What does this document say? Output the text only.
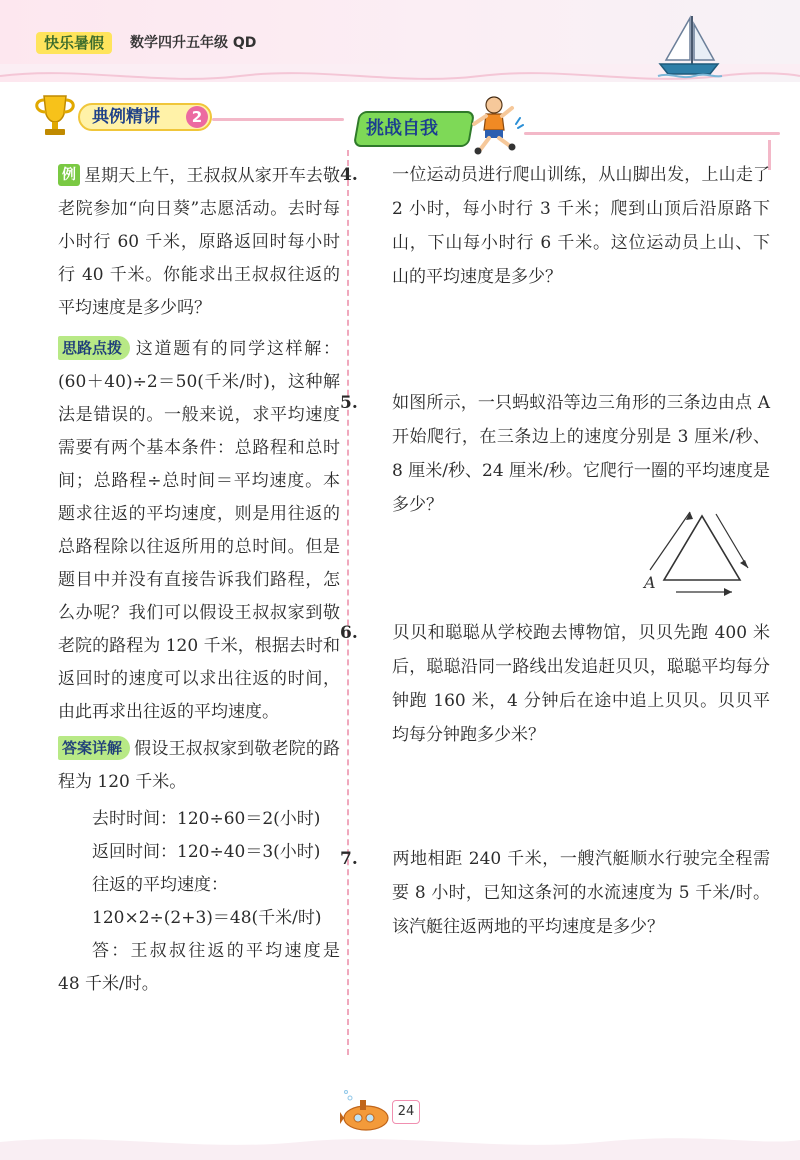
快乐暑假	数学四升五年级 QD
典例精讲	2
挑战自我

例 星期天上午，王叔叔从家开车去敬老院参加“向日葵”志愿活动。去时每小时行 60 千米，原路返回时每小时行 40 千米。你能求出王叔叔往返的平均速度是多少吗？

思路点拨 这道题有的同学这样解：(60＋40)÷2＝50(千米/时)，这种解法是错误的。一般来说，求平均速度需要有两个基本条件：总路程和总时间；总路程÷总时间＝平均速度。本题求往返的平均速度，则是用往返的总路程除以往返所用的总时间。但是题目中并没有直接告诉我们路程，怎么办呢？我们可以假设王叔叔家到敬老院的路程为 120 千米，根据去时和返回时的速度可以求出往返的时间，由此再求出往返的平均速度。

答案详解 假设王叔叔家到敬老院的路程为 120 千米。

去时时间：120÷60＝2(小时)

返回时间：120÷40＝3(小时)

往返的平均速度：

120×2÷(2+3)＝48(千米/时)

答：王叔叔往返的平均速度是 48 千米/时。

4. 一位运动员进行爬山训练，从山脚出发，上山走了 2 小时，每小时行 3 千米；爬到山顶后沿原路下山，下山每小时行 6 千米。这位运动员上山、下山的平均速度是多少？

5. 如图所示，一只蚂蚁沿等边三角形的三条边由点 A 开始爬行，在三条边上的速度分别是 3 厘米/秒、8 厘米/秒、24 厘米/秒。它爬行一圈的平均速度是多少？

A

6. 贝贝和聪聪从学校跑去博物馆，贝贝先跑 400 米后，聪聪沿同一路线出发追赶贝贝，聪聪平均每分钟跑 160 米，4 分钟后在途中追上贝贝。贝贝平均每分钟跑多少米？

7. 两地相距 240 千米，一艘汽艇顺水行驶完全程需要 8 小时，已知这条河的水流速度为 5 千米/时。该汽艇往返两地的平均速度是多少？

24
